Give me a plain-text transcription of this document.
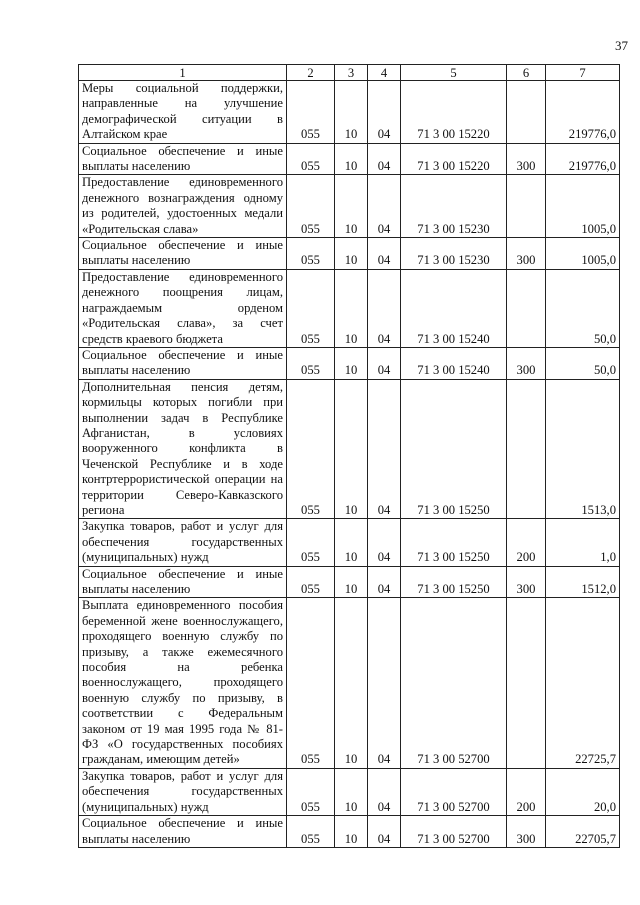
37
1	2	3	4	5	6	7
Меры социальной поддержки, направленные на улучшение демографической ситуации в Алтайском крае	055	10	04	71 3 00 15220		219776,0
Социальное обеспечение и иные выплаты населению	055	10	04	71 3 00 15220	300	219776,0
Предоставление единовременного денежного вознаграждения одному из родителей, удостоенных медали «Родительская слава»	055	10	04	71 3 00 15230		1005,0
Социальное обеспечение и иные выплаты населению	055	10	04	71 3 00 15230	300	1005,0
Предоставление единовременного денежного поощрения лицам, награждаемым орденом «Родительская слава», за счет средств краевого бюджета	055	10	04	71 3 00 15240		50,0
Социальное обеспечение и иные выплаты населению	055	10	04	71 3 00 15240	300	50,0
Дополнительная пенсия детям, кормильцы которых погибли при выполнении задач в Республике Афганистан, в условиях вооруженного конфликта в Чеченской Республике и в ходе контртеррористической операции на территории Северо-Кавказского региона	055	10	04	71 3 00 15250		1513,0
Закупка товаров, работ и услуг для обеспечения государственных (муниципальных) нужд	055	10	04	71 3 00 15250	200	1,0
Социальное обеспечение и иные выплаты населению	055	10	04	71 3 00 15250	300	1512,0
Выплата единовременного пособия беременной жене военнослужащего, проходящего военную службу по призыву, а также ежемесячного пособия на ребенка военнослужащего, проходящего военную службу по призыву, в соответствии с Федеральным законом от 19 мая 1995 года № 81-ФЗ «О государственных пособиях гражданам, имеющим детей»	055	10	04	71 3 00 52700		22725,7
Закупка товаров, работ и услуг для обеспечения государственных (муниципальных) нужд	055	10	04	71 3 00 52700	200	20,0
Социальное обеспечение и иные выплаты населению	055	10	04	71 3 00 52700	300	22705,7
